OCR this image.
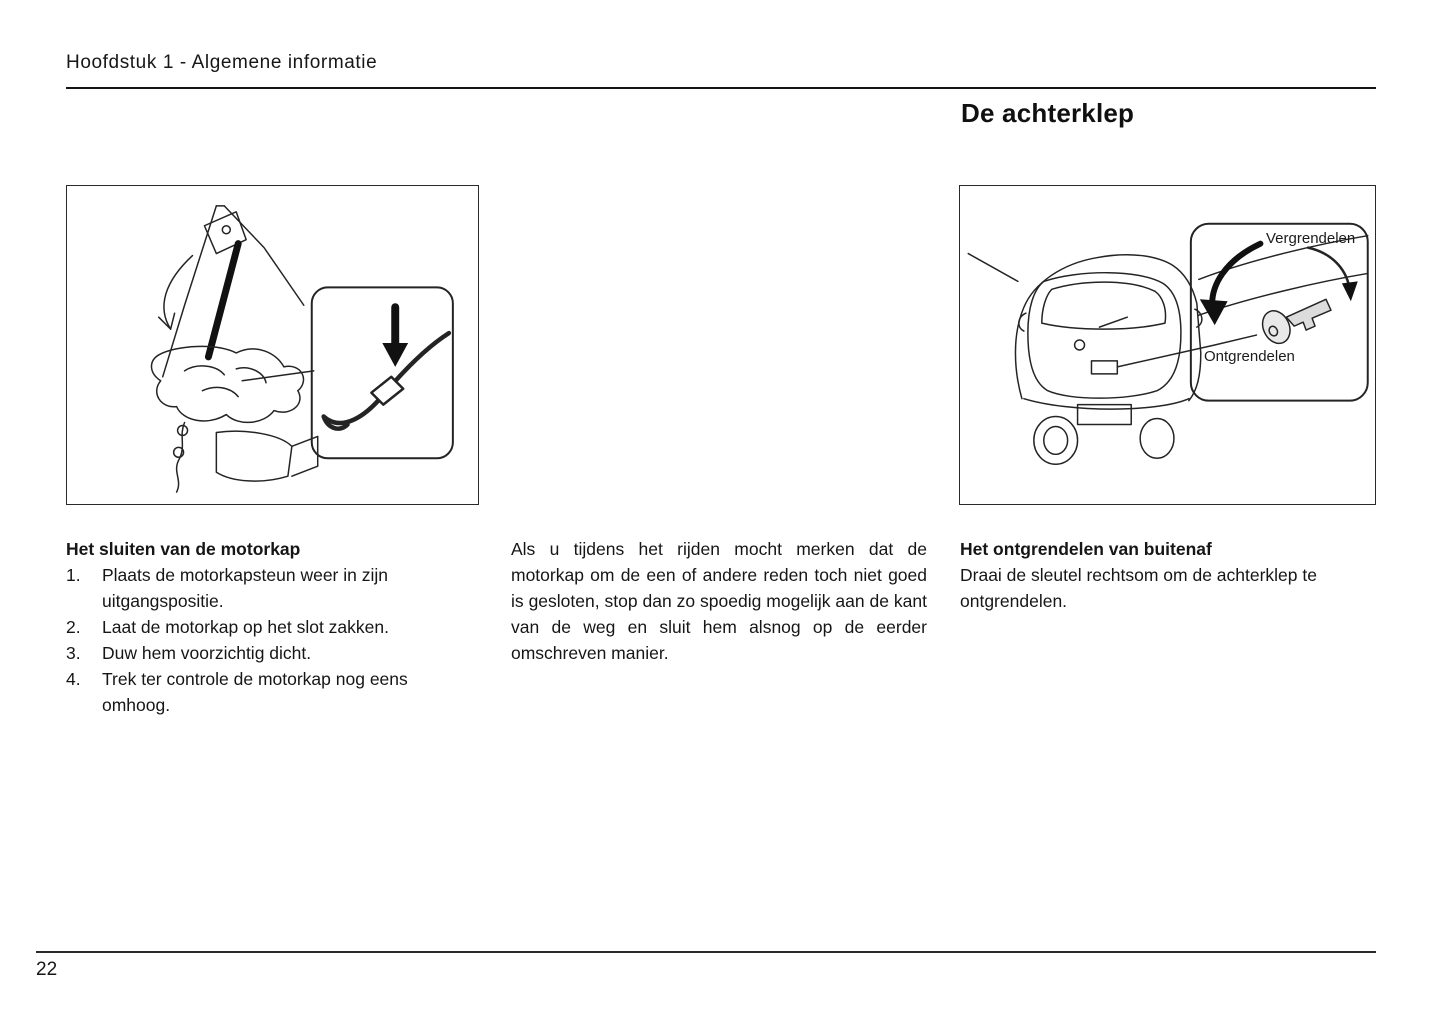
Hoofdstuk 1 - Algemene informatie
De achterklep
Vergrendelen
Ontgrendelen
Het sluiten van de motorkap
1.	Plaats de motorkapsteun weer in zijn uitgangspositie.
2.	Laat de motorkap op het slot zakken.
3.	Duw hem voorzichtig dicht.
4.	Trek ter controle de motorkap nog eens omhoog.

Als u tijdens het rijden mocht merken dat de motorkap om de een of andere reden toch niet goed is gesloten, stop dan zo spoedig mogelijk aan de kant van de weg en sluit hem alsnog op de eerder omschreven manier.

Het ontgrendelen van buitenaf

Draai de sleutel rechtsom om de achterklep te ontgrendelen.

22
